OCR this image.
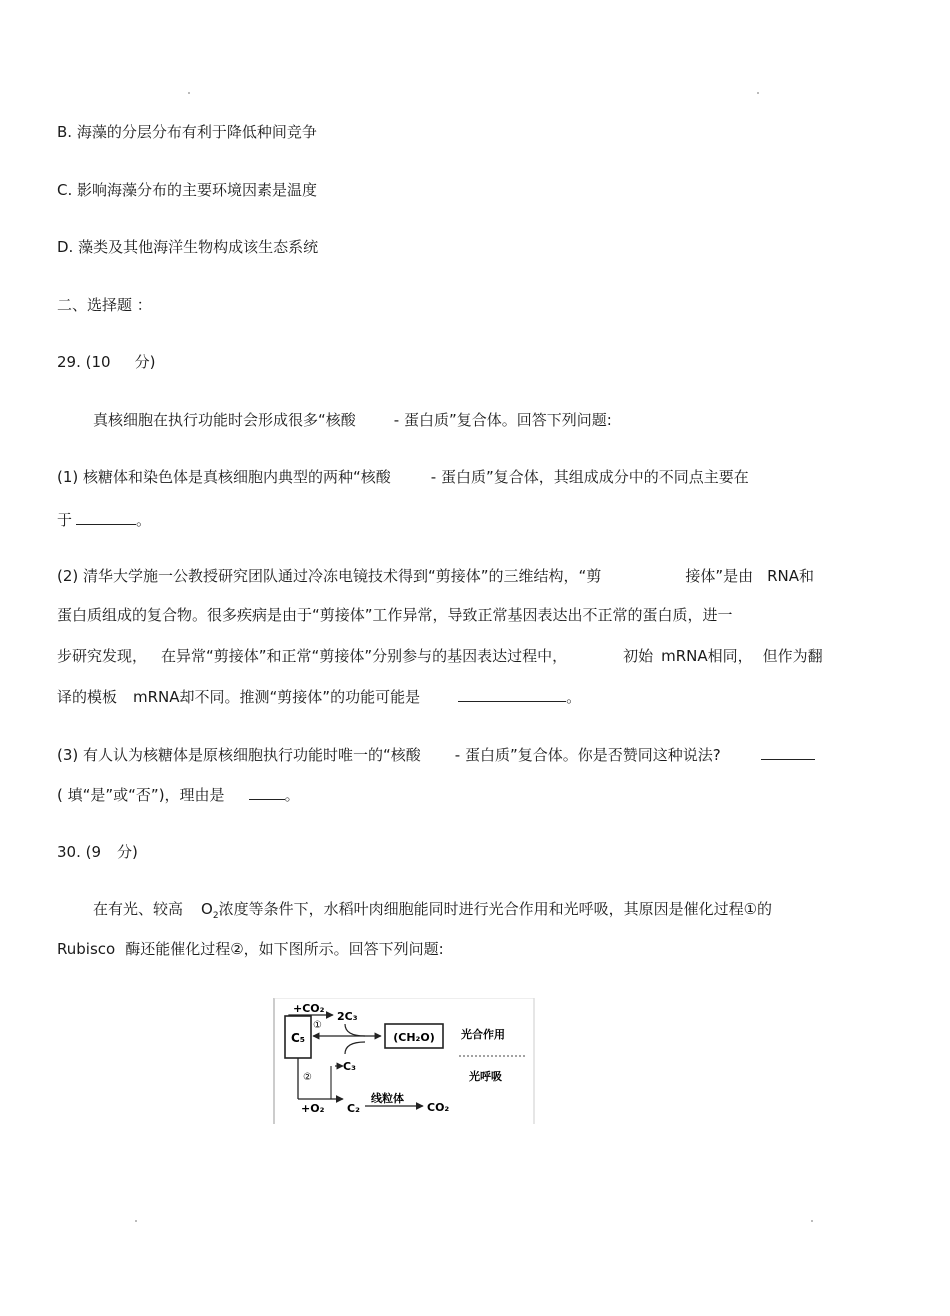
B. 海藻的分层分布有利于降低种间竞争
C. 影响海藻分布的主要环境因素是温度
D. 藻类及其他海洋生物构成该生态系统
二、选择题 ：
29. (10 分)
真核细胞在执行功能时会形成很多“核酸	- 蛋白质”复合体。回答下列问题:
(1) 核糖体和染色体是真核细胞内典型的两种“核酸	- 蛋白质”复合体，其组成成分中的不同点主要在
于	。
(2) 清华大学施一公教授研究团队通过冷冻电镜技术得到“剪接体”的三维结构，“剪	接体”是由 RNA和
蛋白质组成的复合物。很多疾病是由于“剪接体”工作异常，导致正常基因表达出不正常的蛋白质，进一
步研究发现， 在异常“剪接体”和正常“剪接体”分别参与的基因表达过程中，	初始 mRNA相同， 但作为翻
译的模板 mRNA却不同。推测“剪接体”的功能可能是	。
(3) 有人认为核糖体是原核细胞执行功能时唯一的“核酸 - 蛋白质”复合体。你是否赞同这种说法?
( 填“是”或“否”)，理由是	。
30. (9 分)
在有光、较高 $O_2$浓度等条件下，水稻叶肉细胞能同时进行光合作用和光呼吸，其原因是催化过程①的
Rubisco 酶还能催化过程②，如下图所示。回答下列问题:
C₅
+CO₂
①
2C₃
(CH₂O)
C₃
②
+O₂ C₂
线粒体
CO₂
光合作用
光呼吸
